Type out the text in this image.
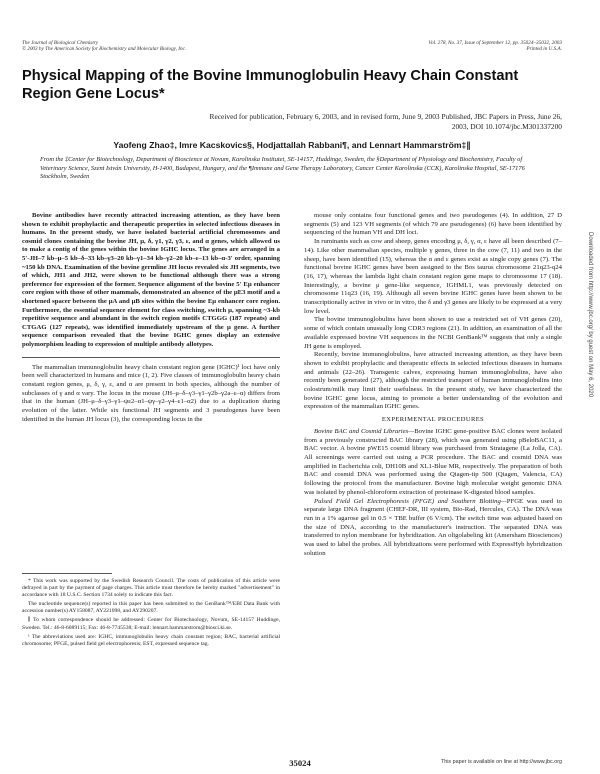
The Journal of Biological Chemistry
© 2003 by The American Society for Biochemistry and Molecular Biology, Inc.
Vol. 278, No. 37, Issue of September 12, pp. 35024–35032, 2003
Printed in U.S.A.
Physical Mapping of the Bovine Immunoglobulin Heavy Chain Constant Region Gene Locus*
Received for publication, February 6, 2003, and in revised form, June 9, 2003 Published, JBC Papers in Press, June 26, 2003, DOI 10.1074/jbc.M301337200
Yaofeng Zhao‡, Imre Kacskovics§, Hodjattallah Rabbani¶, and Lennart Hammarström‡∥
From the ‡Center for Biotechnology, Department of Bioscience at Novum, Karolinska Institutet, SE-14157, Huddinge, Sweden, the §Department of Physiology and Biochemistry, Faculty of Veterinary Science, Szent István University, H-1400, Budapest, Hungary, and the ¶Immune and Gene Therapy Laboratory, Cancer Center Karolinska (CCK), Karolinska Hospital, SE-17176 Stockholm, Sweden

Bovine antibodies have recently attracted increasing attention, as they have been shown to exhibit prophylactic and therapeutic properties in selected infectious diseases in humans. In the present study, we have isolated bacterial artificial chromosomes and cosmid clones containing the bovine JH, μ, δ, γ1, γ2, γ3, ε, and α genes, which allowed us to make a contig of the genes within the bovine IGHC locus. The genes are arranged in a 5′-JH–7 kb–μ–5 kb–δ–33 kb–γ3–20 kb–γ1–34 kb–γ2–20 kb–ε–13 kb–α-3′ order, spanning ~150 kb DNA. Examination of the bovine germline JH locus revealed six JH segments, two of which, JH1 and JH2, were shown to be functional although there was a strong preference for expression of the former. Sequence alignment of the bovine 5′ Eμ enhancer core region with those of other mammals, demonstrated an absence of the μE3 motif and a shortened spacer between the μA and μB sites within the bovine Eμ enhancer core region. Furthermore, the essential sequence element for class switching, switch μ, spanning ~3-kb repetitive sequence and abundant in the switch region motifs CTGGG (187 repeats) and CTGAG (127 repeats), was identified immediately upstream of the μ gene. A further sequence comparison revealed that the bovine IGHC genes display an extensive polymorphism leading to expression of multiple antibody allotypes.

The mammalian immunoglobulin heavy chain constant region gene (IGHC)¹ loci have only been well characterized in humans and mice (1, 2). Five classes of immunoglobulin heavy chain constant region genes, μ, δ, γ, ε, and α are present in both species, although the number of subclasses of γ and α vary. The locus in the mouse (JH–μ–δ–γ3–γ1–γ2b–γ2a–ε–α) differs from that in the human (JH–μ–δ–γ3–γ1–ψε2–α1–ψγ–γ2–γ4–ε1–α2) due to a duplication during evolution of the latter. While six functional JH segments and 3 pseudogenes have been identified in the human JH locus (3), the corresponding locus in the

* This work was supported by the Swedish Research Council. The costs of publication of this article were defrayed in part by the payment of page charges. This article must therefore be hereby marked "advertisement" in accordance with 18 U.S.C. Section 1734 solely to indicate this fact.

The nucleotide sequence(s) reported in this paper has been submitted to the GenBank™/EBI Data Bank with accession number(s) AY158087, AY221098, and AY290207.

∥ To whom correspondence should be addressed: Center for Biotechnology, Novum, SE-14157 Huddinge, Sweden. Tel.: 46-8-6089115; Fax: 46-8-7745538; E-mail: lennart.hammarstrom@biosci.ki.se.

¹ The abbreviations used are: IGHC, immunoglobulin heavy chain constant region; BAC, bacterial artificial chromosome; PFGE, pulsed field gel electrophoresis; EST, expressed sequence tag.

mouse only contains four functional genes and two pseudogenes (4). In addition, 27 D segments (5) and 123 VH segments (of which 79 are pseudogenes) (6) have been identified by sequencing of the human VH and DH loci.

In ruminants such as cow and sheep, genes encoding μ, δ, γ, α, ε have all been described (7–14). Like other mammalian species, multiple γ genes, three in the cow (7, 11) and two in the sheep, have been identified (15), whereas the α and ε genes exist as single copy genes (7). The functional bovine IGHC genes have been assigned to the Bos taurus chromosome 21q23-q24 (16, 17), whereas the lambda light chain constant region gene maps to chromosome 17 (18). Interestingly, a bovine μ gene-like sequence, IGHML1, was previously detected on chromosome 11q23 (16, 19). Although all seven bovine IGHC genes have been shown to be transcriptionally active in vivo or in vitro, the δ and γ3 genes are likely to be expressed at a very low level.

The bovine immunoglobulins have been shown to use a restricted set of VH genes (20), some of which contain unusually long CDR3 regions (21). In addition, an examination of all the available expressed bovine VH sequences in the NCBI GenBank™ suggests that only a single JH gene is employed.

Recently, bovine immunoglobulins, have attracted increasing attention, as they have been shown to exhibit prophylactic and therapeutic effects in selected infectious diseases in humans and animals (22–26). Transgenic calves, expressing human immunoglobulins, have also recently been generated (27), although the restricted transport of human immunoglobulins into colostrum/milk may limit their usefulness. In the present study, we have characterized the bovine IGHC gene locus, aiming to promote a better understanding of the evolution and expression of the mammalian IGHC genes.

EXPERIMENTAL PROCEDURES

Bovine BAC and Cosmid Libraries—Bovine IGHC gene-positive BAC clones were isolated from a previously constructed BAC library (28), which was generated using pBeloBAC11, a BAC vector. A bovine pWE15 cosmid library was purchased from Stratagene (La Jolla, CA). All screenings were carried out using a PCR procedure. The BAC and cosmid DNA was amplified in Escherichia coli, DH10B and XL1-Blue MR, respectively. The preparation of both BAC and cosmid DNA was performed using the Qiagen-tip 500 (Qiagen, Valencia, CA) following the protocol from the manufacturer. Bovine high molecular weight genomic DNA was isolated by phenol-chloroform extraction of proteinase K-digested blood samples.

Pulsed Field Gel Electrophoresis (PFGE) and Southern Blotting—PFGE was used to separate large DNA fragment (CHEF-DR, III system, Bio-Rad, Hercules, CA). The DNA was run in a 1% agarose gel in 0.5 × TBE buffer (6 V/cm). The switch time was adjusted based on the size of DNA, according to the manufacturer's instruction. The separated DNA was transferred to nylon membrane for hybridization. An oligolabeling kit (Amersham Biosciences) was used to label the probes. All hybridizations were performed with ExpressHyb hybridization solution

Downloaded from http://www.jbc.org/ by guest on May 6, 2020
35024	This paper is available on line at http://www.jbc.org
